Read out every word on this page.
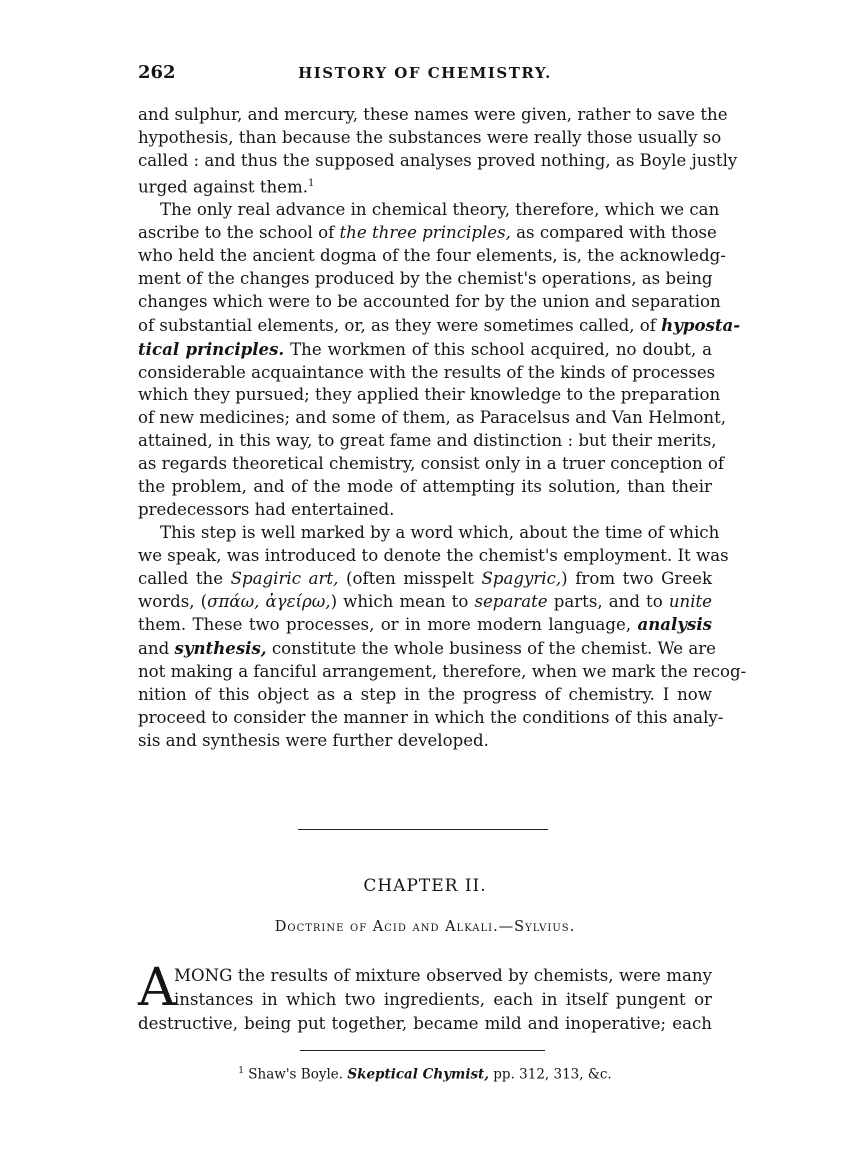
262	HISTORY OF CHEMISTRY.

and sulphur, and mercury, these names were given, rather to save the
hypothesis, than because the substances were really those usually so
called : and thus the supposed analyses proved nothing, as Boyle justly
urged against them.$^1$

The only real advance in chemical theory, therefore, which we can
ascribe to the school of the three principles, as compared with those
who held the ancient dogma of the four elements, is, the acknowledg-
ment of the changes produced by the chemist's operations, as being
changes which were to be accounted for by the union and separation
of substantial elements, or, as they were sometimes called, of hyposta-
tical principles. The workmen of this school acquired, no doubt, a
considerable acquaintance with the results of the kinds of processes
which they pursued; they applied their knowledge to the preparation
of new medicines; and some of them, as Paracelsus and Van Helmont,
attained, in this way, to great fame and distinction : but their merits,
as regards theoretical chemistry, consist only in a truer conception of
the problem, and of the mode of attempting its solution, than their
predecessors had entertained.

This step is well marked by a word which, about the time of which
we speak, was introduced to denote the chemist's employment. It was
called the Spagiric art, (often misspelt Spagyric,) from two Greek
words, (σπάω, ἀγείρω,) which mean to separate parts, and to unite
them. These two processes, or in more modern language, analysis
and synthesis, constitute the whole business of the chemist. We are
not making a fanciful arrangement, therefore, when we mark the recog-
nition of this object as a step in the progress of chemistry. I now
proceed to consider the manner in which the conditions of this analy-
sis and synthesis were further developed.

CHAPTER II.
Doctrine of Acid and Alkali.—Sylvius.
A
MONG the results of mixture observed by chemists, were many
instances in which two ingredients, each in itself pungent or
destructive, being put together, became mild and inoperative; each
$^1$ Shaw's Boyle. Skeptical Chymist, pp. 312, 313, &c.
